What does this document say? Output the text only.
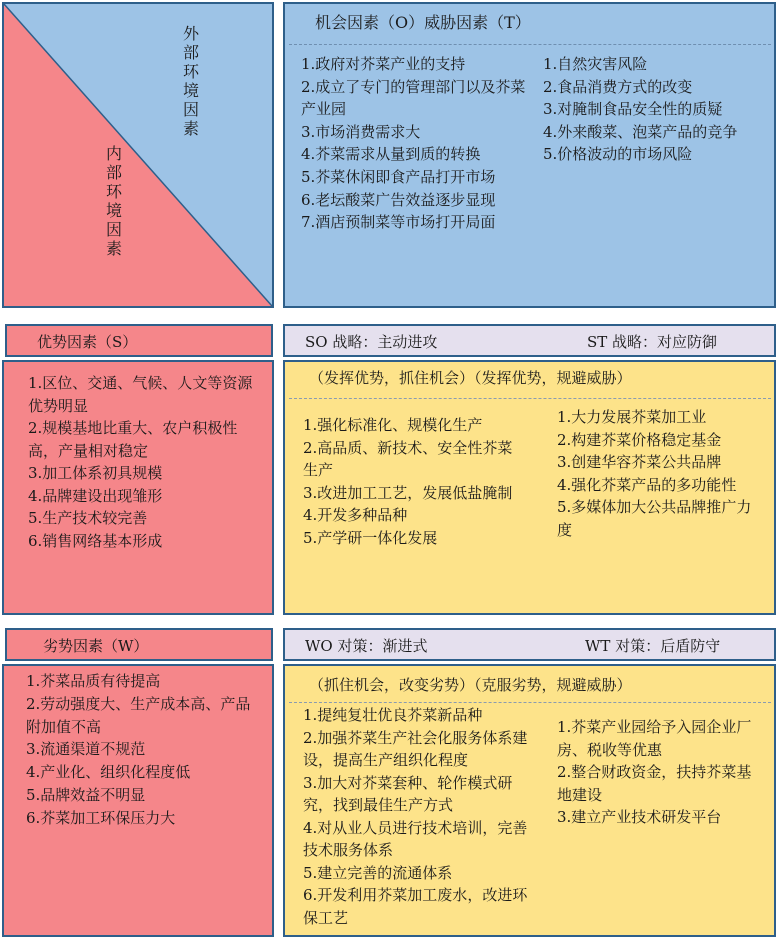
外部环境因素
内部环境因素
机会因素（O）威胁因素（T）
1.政府对芥菜产业的支持
2.成立了专门的管理部门以及芥菜产业园
3.市场消费需求大
4.芥菜需求从量到质的转换
5.芥菜休闲即食产品打开市场
6.老坛酸菜广告效益逐步显现
7.酒店预制菜等市场打开局面
1.自然灾害风险
2.食品消费方式的改变
3.对腌制食品安全性的质疑
4.外来酸菜、泡菜产品的竞争
5.价格波动的市场风险
优势因素（S）
1.区位、交通、气候、人文等资源优势明显
2.规模基地比重大、农户积极性高，产量相对稳定
3.加工体系初具规模
4.品牌建设出现雏形
5.生产技术较完善
6.销售网络基本形成
SO 战略：主动进攻	ST 战略：对应防御
（发挥优势，抓住机会）（发挥优势，规避威胁）
1.强化标准化、规模化生产
2.高品质、新技术、安全性芥菜生产
3.改进加工工艺，发展低盐腌制
4.开发多种品种
5.产学研一体化发展
1.大力发展芥菜加工业
2.构建芥菜价格稳定基金
3.创建华容芥菜公共品牌
4.强化芥菜产品的多功能性
5.多媒体加大公共品牌推广力度
劣势因素（W）
1.芥菜品质有待提高
2.劳动强度大、生产成本高、产品附加值不高
3.流通渠道不规范
4.产业化、组织化程度低
5.品牌效益不明显
6.芥菜加工环保压力大
WO 对策：渐进式	WT 对策：后盾防守
（抓住机会，改变劣势）（克服劣势，规避威胁）
1.提纯复壮优良芥菜新品种
2.加强芥菜生产社会化服务体系建设，提高生产组织化程度
3.加大对芥菜套种、轮作模式研究，找到最佳生产方式
4.对从业人员进行技术培训，完善技术服务体系
5.建立完善的流通体系
6.开发利用芥菜加工废水，改进环保工艺
1.芥菜产业园给予入园企业厂房、税收等优惠
2.整合财政资金，扶持芥菜基地建设
3.建立产业技术研发平台
